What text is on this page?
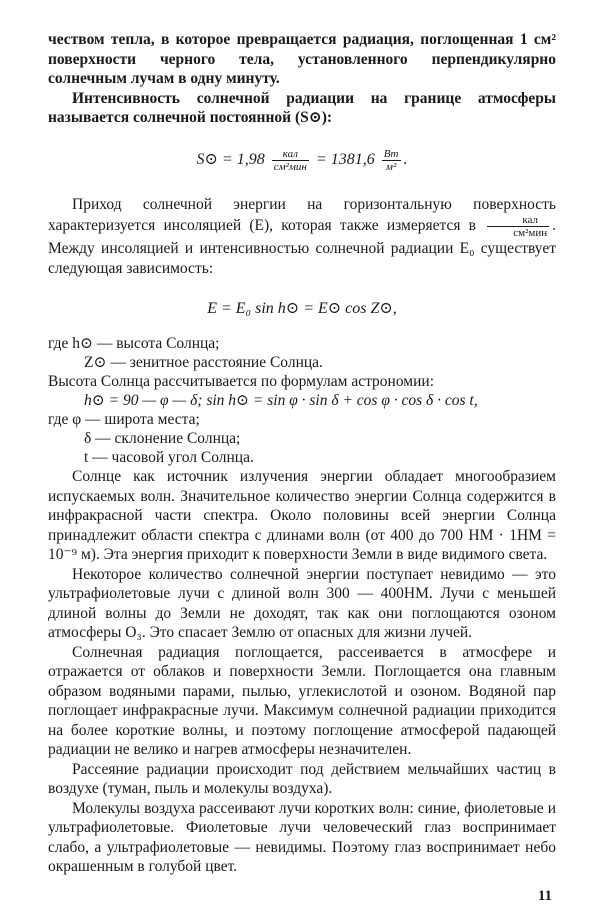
чеством тепла, в которое превращается радиация, поглощенная 1 см² поверхности черного тела, установленного перпендикулярно солнечным лучам в одну минуту.

Интенсивность солнечной радиации на границе атмосферы называется солнечной постоянной (S⊙):

S⊙ = $1,98 \frac{\text{кал}}{\text{см²мин}} = 1381,6 \frac{Вт}{\text{м²}}$ .

Приход солнечной энергии на горизонтальную поверхность характеризуется инсоляцией (Е), которая также измеряется в $\frac{\text{кал}}{\text{см²мин}}$ . Между инсоляцией и интенсивностью солнечной радиации E₀ существует следующая зависимость:

E = E₀ sin h⊙ = E⊙ cos Z⊙,

где h⊙ — высота Солнца;

Z⊙ — зенитное расстояние Солнца.

Высота Солнца рассчитывается по формулам астрономии:

h⊙ = 90 — φ — δ; sin h⊙ = sin φ · sin δ + cos φ · cos δ · cos t,

где φ — широта места;

δ — склонение Солнца;

t — часовой угол Солнца.

Солнце как источник излучения энергии обладает многообразием испускаемых волн. Значительное количество энергии Солнца содержится в инфракрасной части спектра. Около половины всей энергии Солнца принадлежит области спектра с длинами волн (от 400 до 700 НМ · 1НМ = 10⁻⁹ м). Эта энергия приходит к поверхности Земли в виде видимого света.

Некоторое количество солнечной энергии поступает невидимо — это ультрафиолетовые лучи с длиной волн 300 — 400НМ. Лучи с меньшей длиной волны до Земли не доходят, так как они поглощаются озоном атмосферы O₃. Это спасает Землю от опасных для жизни лучей.

Солнечная радиация поглощается, рассеивается в атмосфере и отражается от облаков и поверхности Земли. Поглощается она главным образом водяными парами, пылью, углекислотой и озоном. Водяной пар поглощает инфракрасные лучи. Максимум солнечной радиации приходится на более короткие волны, и поэтому поглощение атмосферой падающей радиации не велико и нагрев атмосферы незначителен.

Рассеяние радиации происходит под действием мельчайших частиц в воздухе (туман, пыль и молекулы воздуха).

Молекулы воздуха рассеивают лучи коротких волн: синие, фиолетовые и ультрафиолетовые. Фиолетовые лучи человеческий глаз воспринимает слабо, а ультрафиолетовые — невидимы. Поэтому глаз воспринимает небо окрашенным в голубой цвет.

11
